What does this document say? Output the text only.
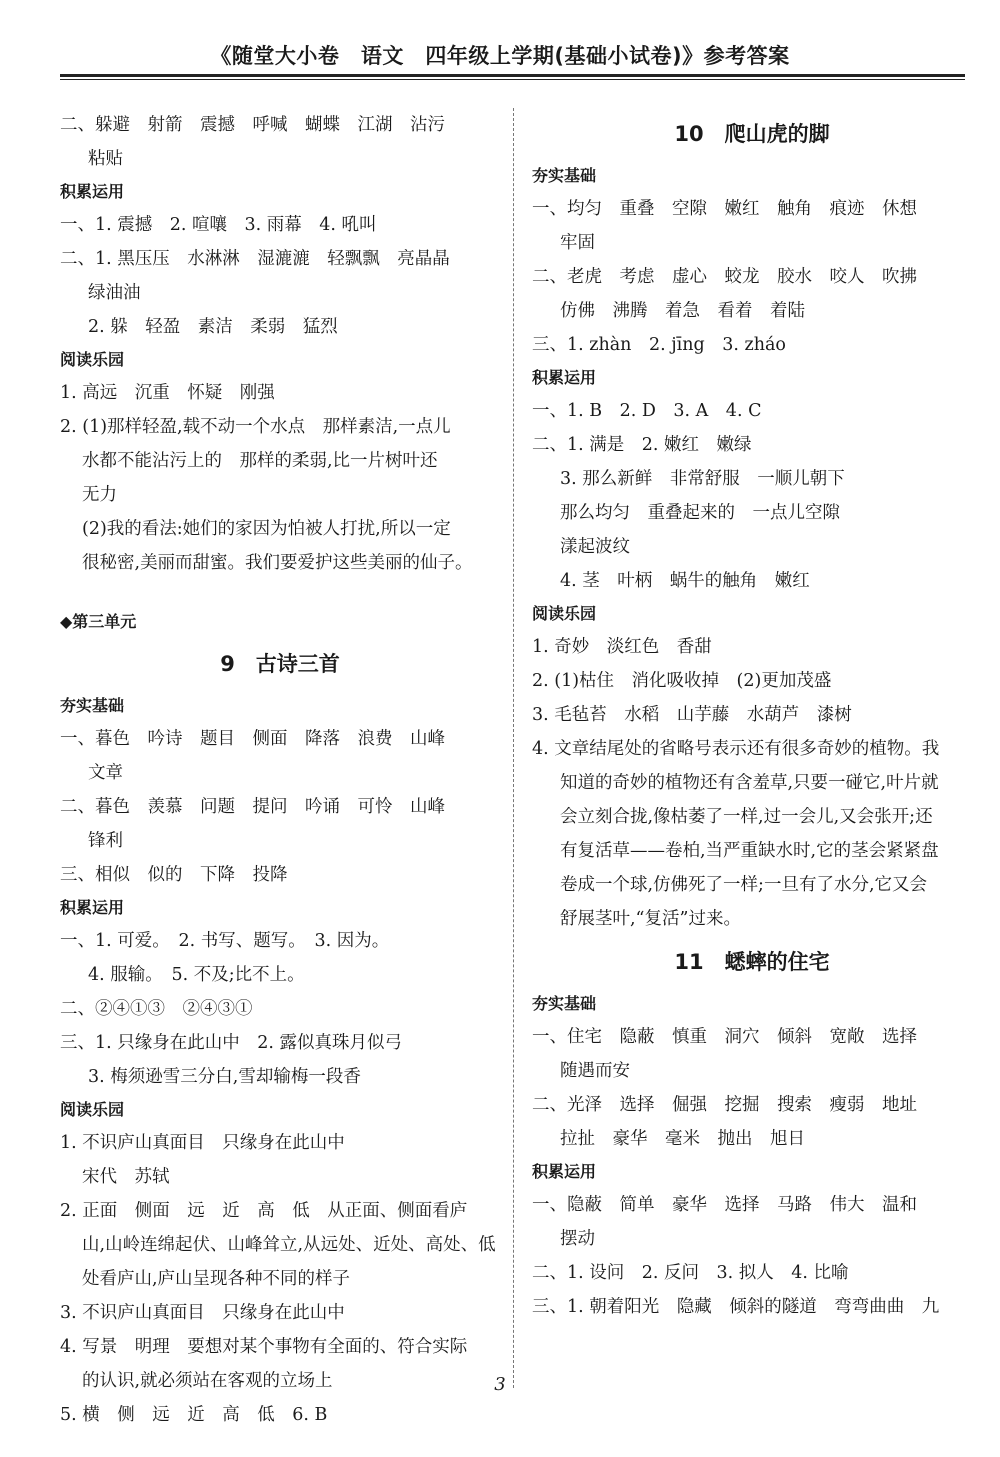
《随堂大小卷　语文　四年级上学期(基础小试卷)》参考答案
二、躲避　射箭　震撼　呼喊　蝴蝶　江湖　沾污
粘贴
积累运用
一、1. 震撼　2. 喧嚷　3. 雨幕　4. 吼叫
二、1. 黑压压　水淋淋　湿漉漉　轻飘飘　亮晶晶
绿油油
2. 躲　轻盈　素洁　柔弱　猛烈
阅读乐园
1. 高远　沉重　怀疑　刚强
2. (1)那样轻盈,载不动一个水点　那样素洁,一点儿
水都不能沾污上的　那样的柔弱,比一片树叶还
无力
(2)我的看法:她们的家因为怕被人打扰,所以一定
很秘密,美丽而甜蜜。我们要爱护这些美丽的仙子。
◆第三单元
9　古诗三首
夯实基础
一、暮色　吟诗　题目　侧面　降落　浪费　山峰
文章
二、暮色　羡慕　问题　提问　吟诵　可怜　山峰
锋利
三、相似　似的　下降　投降
积累运用
一、1. 可爱。　2. 书写、题写。　3. 因为。
4. 服输。　5. 不及;比不上。
二、②④①③　②④③①
三、1. 只缘身在此山中　2. 露似真珠月似弓
3. 梅须逊雪三分白,雪却输梅一段香
阅读乐园
1. 不识庐山真面目　只缘身在此山中
宋代　苏轼
2. 正面　侧面　远　近　高　低　从正面、侧面看庐
山,山岭连绵起伏、山峰耸立,从远处、近处、高处、低
处看庐山,庐山呈现各种不同的样子
3. 不识庐山真面目　只缘身在此山中
4. 写景　明理　要想对某个事物有全面的、符合实际
的认识,就必须站在客观的立场上
5. 横　侧　远　近　高　低　6. B
10　爬山虎的脚
夯实基础
一、均匀　重叠　空隙　嫩红　触角　痕迹　休想
牢固
二、老虎　考虑　虚心　蛟龙　胶水　咬人　吹拂
仿佛　沸腾　着急　看着　着陆
三、1. zhàn　2. jīng　3. zháo
积累运用
一、1. B　2. D　3. A　4. C
二、1. 满是　2. 嫩红　嫩绿
3. 那么新鲜　非常舒服　一顺儿朝下
那么均匀　重叠起来的　一点儿空隙
漾起波纹
4. 茎　叶柄　蜗牛的触角　嫩红
阅读乐园
1. 奇妙　淡红色　香甜
2. (1)枯住　消化吸收掉　(2)更加茂盛
3. 毛毡苔　水稻　山芋藤　水葫芦　漆树
4. 文章结尾处的省略号表示还有很多奇妙的植物。我
知道的奇妙的植物还有含羞草,只要一碰它,叶片就
会立刻合拢,像枯萎了一样,过一会儿,又会张开;还
有复活草——卷柏,当严重缺水时,它的茎会紧紧盘
卷成一个球,仿佛死了一样;一旦有了水分,它又会
舒展茎叶,“复活”过来。
11　蟋蟀的住宅
夯实基础
一、住宅　隐蔽　慎重　洞穴　倾斜　宽敞　选择
随遇而安
二、光泽　选择　倔强　挖掘　搜索　瘦弱　地址
拉扯　豪华　毫米　抛出　旭日
积累运用
一、隐蔽　简单　豪华　选择　马路　伟大　温和
摆动
二、1. 设问　2. 反问　3. 拟人　4. 比喻
三、1. 朝着阳光　隐藏　倾斜的隧道　弯弯曲曲　九
3
